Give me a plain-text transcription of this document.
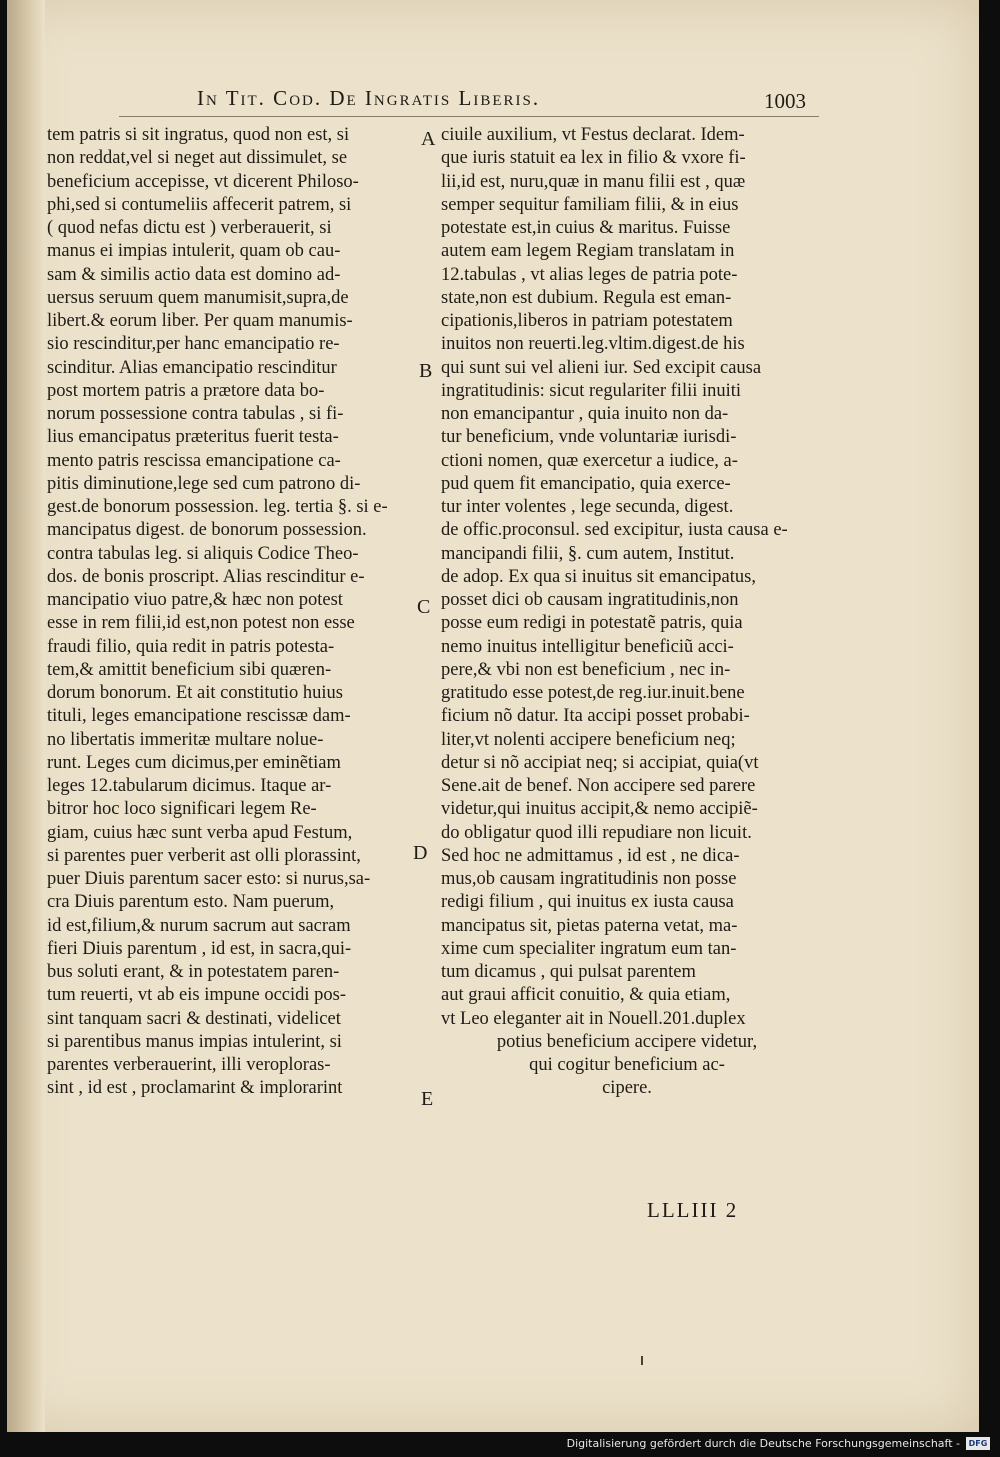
In Tit. Cod. De Ingratis Liberis.	1003
tem patris si sit ingratus, quod non est, si
non reddat,vel si neget aut dissimulet, se
beneficium accepisse, vt dicerent Philoso-
phi,sed si contumeliis affecerit patrem, si
( quod nefas dictu est ) verberauerit, si
manus ei impias intulerit, quam ob cau-
sam & similis actio data est domino ad-
uersus seruum quem manumisit,supra,de
libert.& eorum liber. Per quam manumis-
sio rescinditur,per hanc emancipatio re-
scinditur. Alias emancipatio rescinditur
post mortem patris a prætore data bo-
norum possessione contra tabulas , si fi-
lius emancipatus præteritus fuerit testa-
mento patris rescissa emancipatione ca-
pitis diminutione,lege sed cum patrono di-
gest.de bonorum possession. leg. tertia §. si e-
mancipatus digest. de bonorum possession.
contra tabulas leg. si aliquis Codice Theo-
dos. de bonis proscript. Alias rescinditur e-
mancipatio viuo patre,& hæc non potest
esse in rem filii,id est,non potest non esse
fraudi filio, quia redit in patris potesta-
tem,& amittit beneficium sibi quæren-
dorum bonorum. Et ait constitutio huius
tituli, leges emancipatione rescissæ dam-
no libertatis immeritæ multare noluе-
runt. Leges cum dicimus,per eminẽtiam
leges 12.tabularum dicimus. Itaque ar-
bitror hoc loco significari legem Re-
giam, cuius hæc sunt verba apud Festum,
si parentes puer verberit ast olli plorassint,
puer Diuis parentum sacer esto: si nurus,sa-
cra Diuis parentum esto. Nam puerum,
id est,filium,& nurum sacrum aut sacram
fieri Diuis parentum , id est, in sacra,qui-
bus soluti erant, & in potestatem paren-
tum reuerti, vt ab eis impune occidi pos-
sint tanquam sacri & destinati, videlicet
si parentibus manus impias intulerint, si
parentes verberauerint, illi veroploras-
sint , id est , proclamarint & implorarint
ciuile auxilium, vt Festus declarat. Idem-
que iuris statuit ea lex in filio & vxore fi-
lii,id est, nuru,quæ in manu filii est , quæ
semper sequitur familiam filii, & in eius
potestate est,in cuius & maritus. Fuisse
autem eam legem Regiam translatam in
12.tabulas , vt alias leges de patria pote-
state,non est dubium. Regula est eman-
cipationis,liberos in patriam potestatem
inuitos non reuerti.leg.vltim.digest.de his
qui sunt sui vel alieni iur. Sed excipit causa
ingratitudinis: sicut regulariter filii inuiti
non emancipantur , quia inuito non da-
tur beneficium, vnde voluntariæ iurisdi-
ctioni nomen, quæ exercetur a iudice, a-
pud quem fit emancipatio, quia exerce-
tur inter volentes , lege secunda, digest.
de offic.proconsul. sed excipitur, iusta causa e-
mancipandi filii, §. cum autem, Institut.
de adop. Ex qua si inuitus sit emancipatus,
posset dici ob causam ingratitudinis,non
posse eum redigi in potestatẽ patris, quia
nemo inuitus intelligitur beneficiũ acci-
pere,& vbi non est beneficium , nec in-
gratitudo esse potest,de reg.iur.inuit.bene
ficium nõ datur. Ita accipi posset probabi-
liter,vt nolenti accipere beneficium neq;
detur si nõ accipiat neq; si accipiat, quia(vt
Sene.ait de benef. Non accipere sed parere
videtur,qui inuitus accipit,& nemo accipiẽ-
do obligatur quod illi repudiare non licuit.
Sed hoc ne admittamus , id est , ne dica-
mus,ob causam ingratitudinis non posse
redigi filium , qui inuitus ex iusta causa
mancipatus sit, pietas paterna vetat, ma-
xime cum specialiter ingratum eum tan-
tum dicamus , qui pulsat parentem
aut graui afficit conuitio, & quia etiam,
vt Leo eleganter ait in Nouell.201.duplex
potius beneficium accipere videtur,
qui cogitur beneficium ac-
cipere.
A
B
C
D
E
LLLIII 2
Digitalisierung gefördert durch die Deutsche Forschungsgemeinschaft -	DFG
